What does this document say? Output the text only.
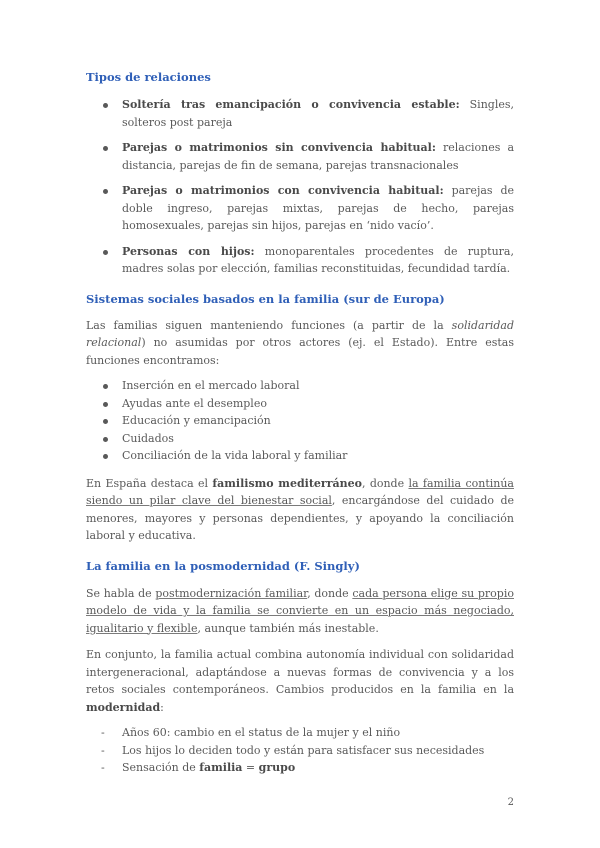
Tipos de relaciones
Soltería tras emancipación o convivencia estable: Singles, solteros post pareja
Parejas o matrimonios sin convivencia habitual: relaciones a distancia, parejas de fin de semana, parejas transnacionales
Parejas o matrimonios con convivencia habitual: parejas de doble ingreso, parejas mixtas, parejas de hecho, parejas homosexuales, parejas sin hijos, parejas en ‘nido vacío’.
Personas con hijos: monoparentales procedentes de ruptura, madres solas por elección, familias reconstituidas, fecundidad tardía.
Sistemas sociales basados en la familia (sur de Europa)

Las familias siguen manteniendo funciones (a partir de la solidaridad relacional) no asumidas por otros actores (ej. el Estado). Entre estas funciones encontramos:

Inserción en el mercado laboral
Ayudas ante el desempleo
Educación y emancipación
Cuidados
Conciliación de la vida laboral y familiar

En España destaca el familismo mediterráneo, donde la familia continúa siendo un pilar clave del bienestar social, encargándose del cuidado de menores, mayores y personas dependientes, y apoyando la conciliación laboral y educativa.

La familia en la posmodernidad (F. Singly)

Se habla de postmodernización familiar, donde cada persona elige su propio modelo de vida y la familia se convierte en un espacio más negociado, igualitario y flexible, aunque también más inestable.

En conjunto, la familia actual combina autonomía individual con solidaridad intergeneracional, adaptándose a nuevas formas de convivencia y a los retos sociales contemporáneos. Cambios producidos en la familia en la modernidad:

- Años 60: cambio en el status de la mujer y el niño
- Los hijos lo deciden todo y están para satisfacer sus necesidades
- Sensación de familia = grupo
2
